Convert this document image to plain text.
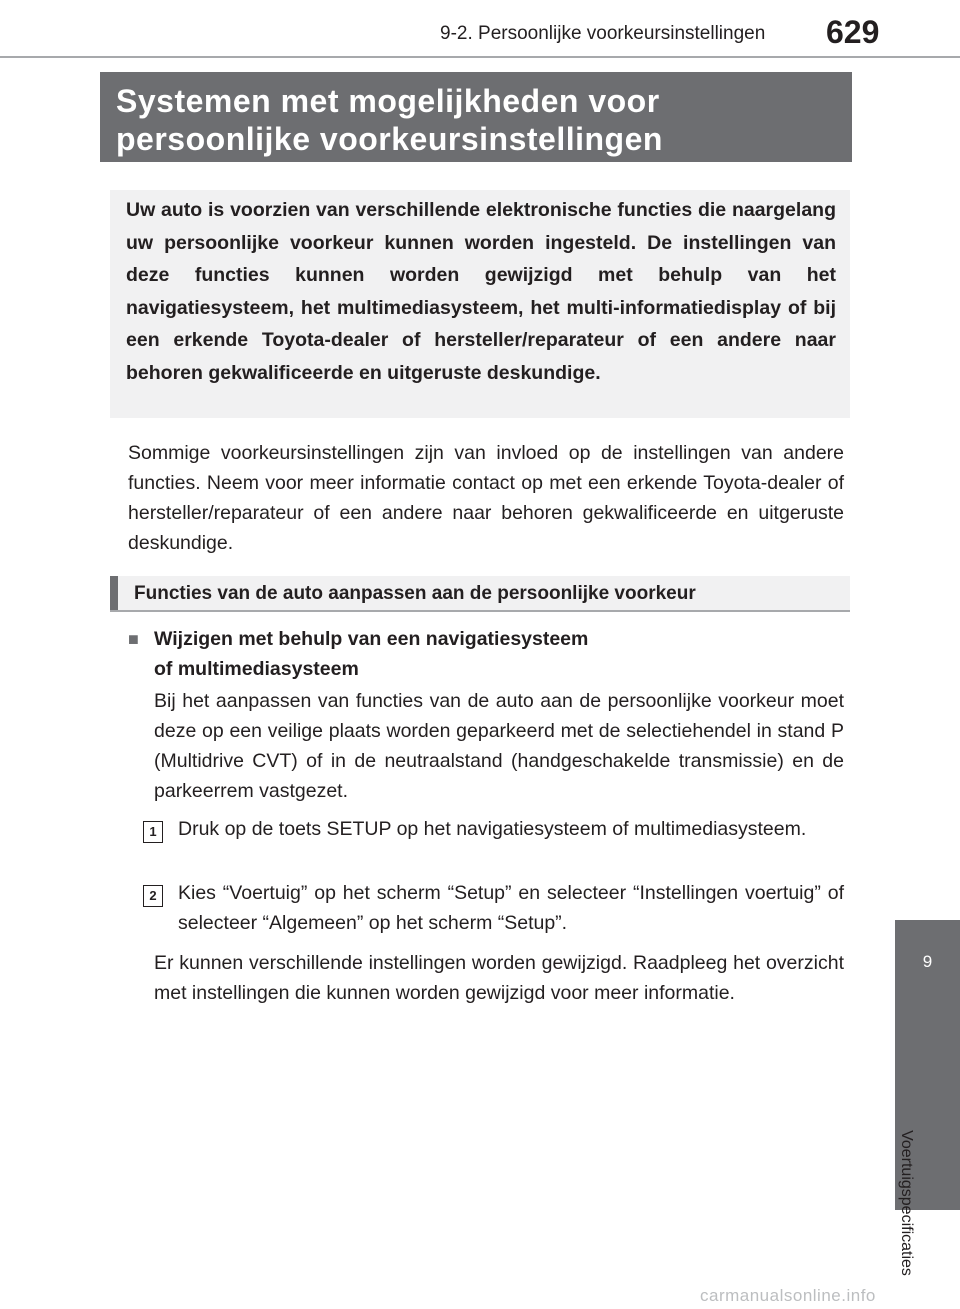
9-2. Persoonlijke voorkeursinstellingen 629
9
Voertuigspecificaties
Systemen met mogelijkheden voor persoonlijke voorkeursinstellingen
Uw auto is voorzien van verschillende elektronische functies die naargelang uw persoonlijke voorkeur kunnen worden ingesteld. De instellingen van deze functies kunnen worden gewijzigd met behulp van het navigatiesysteem, het multimediasysteem, het multi-informatiedisplay of bij een erkende Toyota-dealer of hersteller/reparateur of een andere naar behoren gekwalificeerde en uitgeruste deskundige.
Sommige voorkeursinstellingen zijn van invloed op de instellingen van andere functies. Neem voor meer informatie contact op met een erkende Toyota-dealer of hersteller/reparateur of een andere naar behoren gekwalificeerde en uitgeruste deskundige.
Functies van de auto aanpassen aan de persoonlijke voorkeur
■ Wijzigen met behulp van een navigatiesysteem
of multimediasysteem
Bij het aanpassen van functies van de auto aan de persoonlijke voorkeur moet deze op een veilige plaats worden geparkeerd met de selectiehendel in stand P (Multidrive CVT) of in de neutraalstand (handgeschakelde transmissie) en de parkeerrem vastgezet.
1	Druk op de toets SETUP op het navigatiesysteem of multimediasysteem.
2	Kies “Voertuig” op het scherm “Setup” en selecteer “Instellingen voertuig” of selecteer “Algemeen” op het scherm “Setup”.
Er kunnen verschillende instellingen worden gewijzigd. Raadpleeg het overzicht met instellingen die kunnen worden gewijzigd voor meer informatie.
carmanualsonline.info
